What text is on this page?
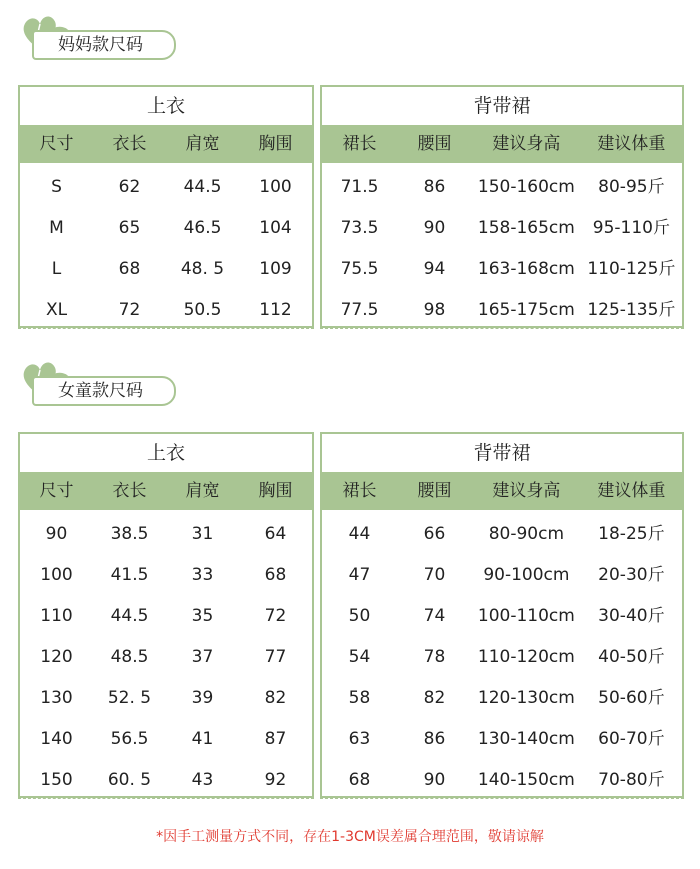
妈妈款尺码
上衣
尺寸	衣长	肩宽	胸围
S	62	44.5	100
M	65	46.5	104
L	68	48. 5	109
XL	72	50.5	112
背带裙
裙长	腰围	建议身高	建议体重
71.5	86	150-160cm	80-95斤
73.5	90	158-165cm	95-110斤
75.5	94	163-168cm 110-125斤
77.5	98	165-175cm 125-135斤
女童款尺码
上衣
尺寸	衣长	肩宽	胸围
90	38.5	31	64
100	41.5	33	68
110	44.5	35	72
120	48.5	37	77
130	52. 5	39	82
140	56.5	41	87
150	60. 5	43	92
背带裙
裙长	腰围	建议身高	建议体重
44	66	80-90cm	18-25斤
47	70	90-100cm	20-30斤
50	74	100-110cm	30-40斤
54	78	110-120cm	40-50斤
58	82	120-130cm	50-60斤
63	86	130-140cm	60-70斤
68	90	140-150cm	70-80斤
*因手工测量方式不同，存在1-3CM误差属合理范围，敬请谅解
